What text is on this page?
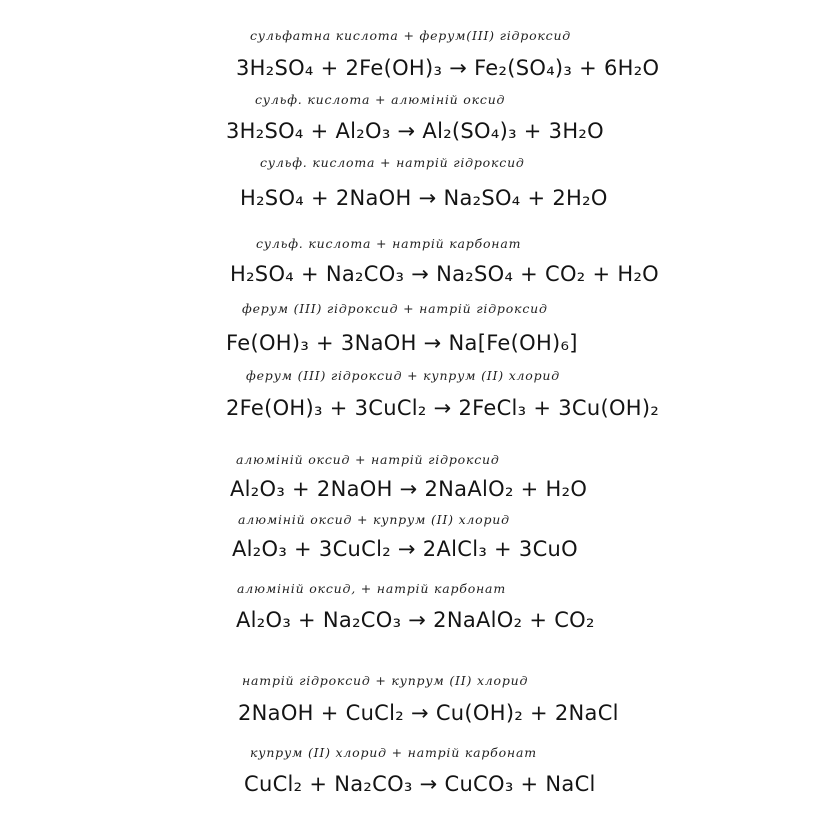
сульфатна кислота + ферум(III) гідроксид
3H₂SO₄ + 2Fe(OH)₃ → Fe₂(SO₄)₃ + 6H₂O
сульф. кислота + алюміній оксид
3H₂SO₄ + Al₂O₃ → Al₂(SO₄)₃ + 3H₂O
сульф. кислота + натрій гідроксид
H₂SO₄ + 2NaOH → Na₂SO₄ + 2H₂O
сульф. кислота + натрій карбонат
H₂SO₄ + Na₂CO₃ → Na₂SO₄ + CO₂ + H₂O
ферум (III) гідроксид + натрій гідроксид
Fe(OH)₃ + 3NaOH → Na[Fe(OH)₆]
ферум (III) гідроксид + купрум (II) хлорид
2Fe(OH)₃ + 3CuCl₂ → 2FeCl₃ + 3Cu(OH)₂
алюміній оксид + натрій гідроксид
Al₂O₃ + 2NaOH → 2NaAlO₂ + H₂O
алюміній оксид + купрум (II) хлорид
Al₂O₃ + 3CuCl₂ → 2AlCl₃ + 3CuO
алюміній оксид, + натрій карбонат
Al₂O₃ + Na₂CO₃ → 2NaAlO₂ + CO₂
натрій гідроксид + купрум (II) хлорид
2NaOH + CuCl₂ → Cu(OH)₂ + 2NaCl
купрум (II) хлорид + натрій карбонат
CuCl₂ + Na₂CO₃ → CuCO₃ + NaCl
